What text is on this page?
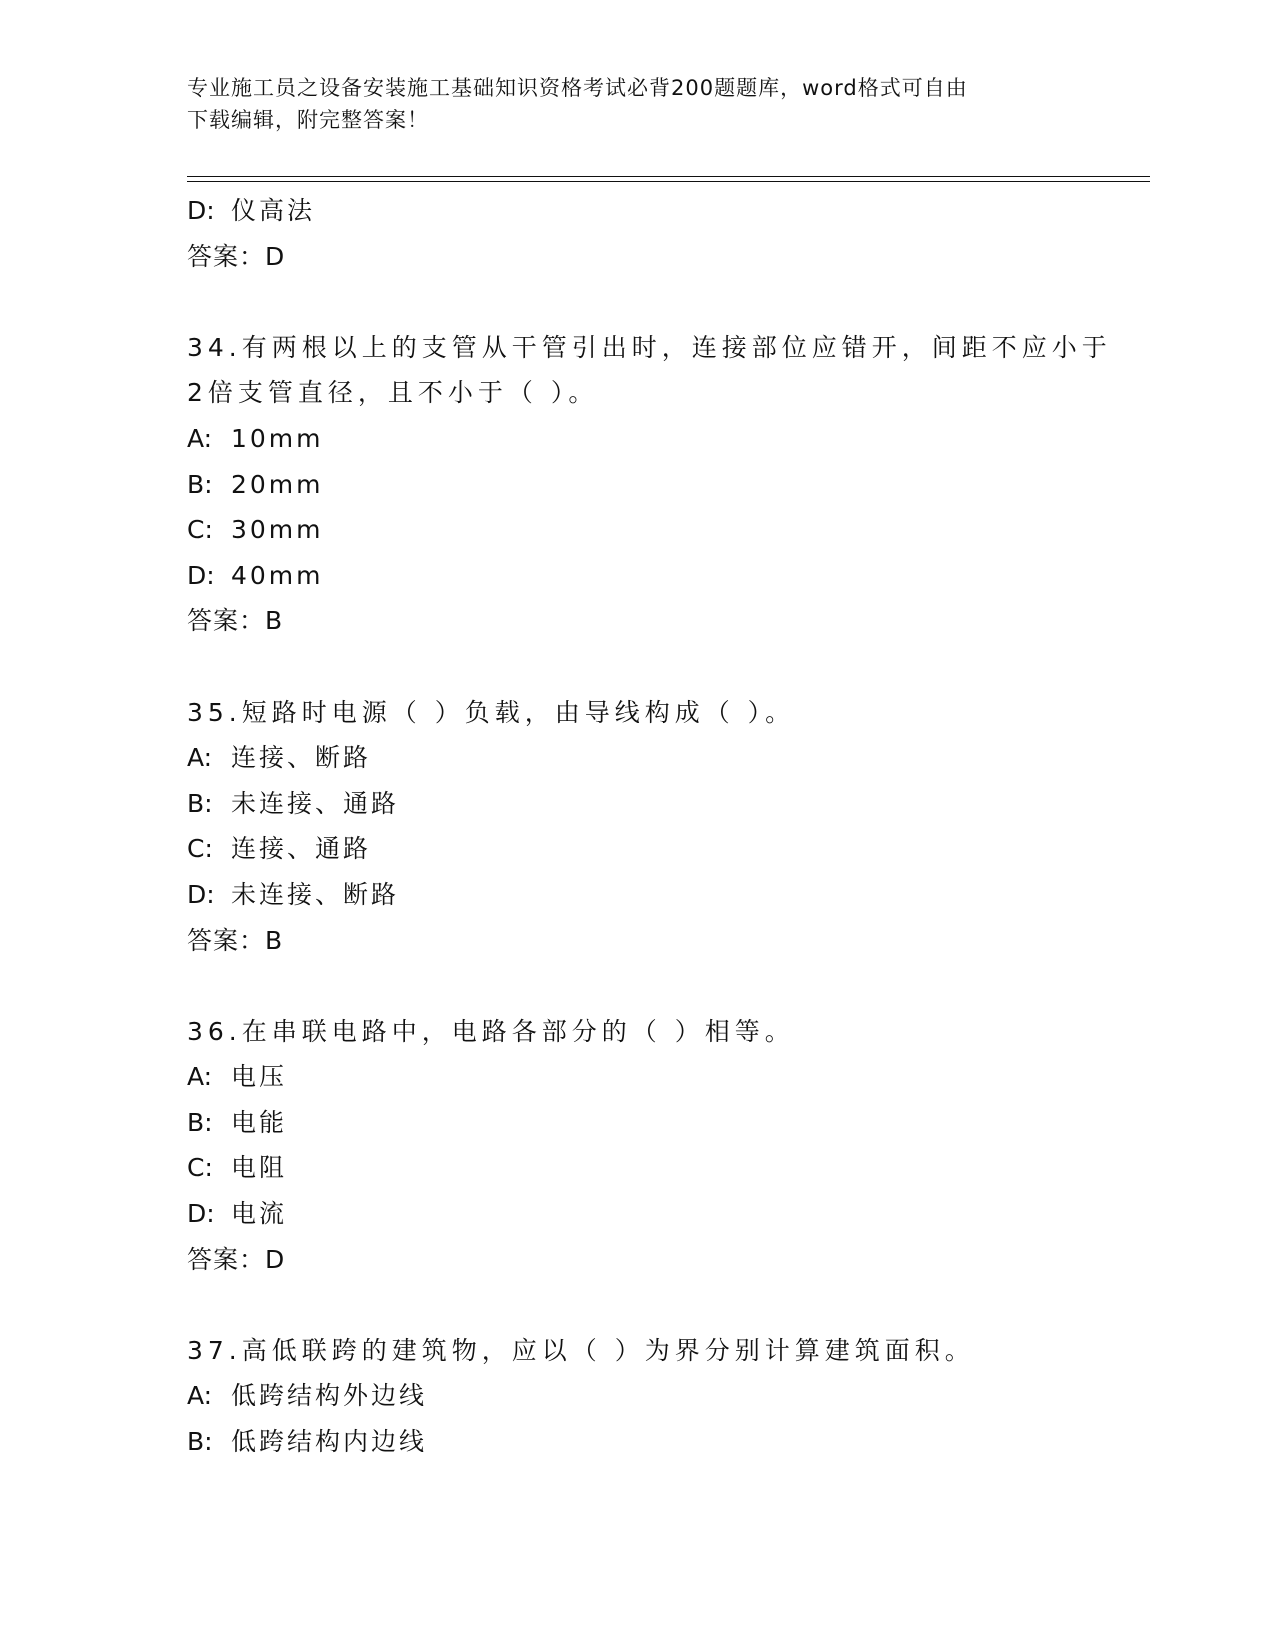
专业施工员之设备安装施工基础知识资格考试必背200题题库，word格式可自由
下载编辑，附完整答案！
D: 仪高法
答案：D
34.有两根以上的支管从干管引出时，连接部位应错开，间距不应小于
2倍支管直径，且不小于（ ）。
A: 10mm
B: 20mm
C: 30mm
D: 40mm
答案：B
35.短路时电源（ ）负载，由导线构成（ ）。
A: 连接、断路
B: 未连接、通路
C: 连接、通路
D: 未连接、断路
答案：B
36.在串联电路中，电路各部分的（ ）相等。
A: 电压
B: 电能
C: 电阻
D: 电流
答案：D
37.高低联跨的建筑物，应以（ ）为界分别计算建筑面积。
A: 低跨结构外边线
B: 低跨结构内边线
